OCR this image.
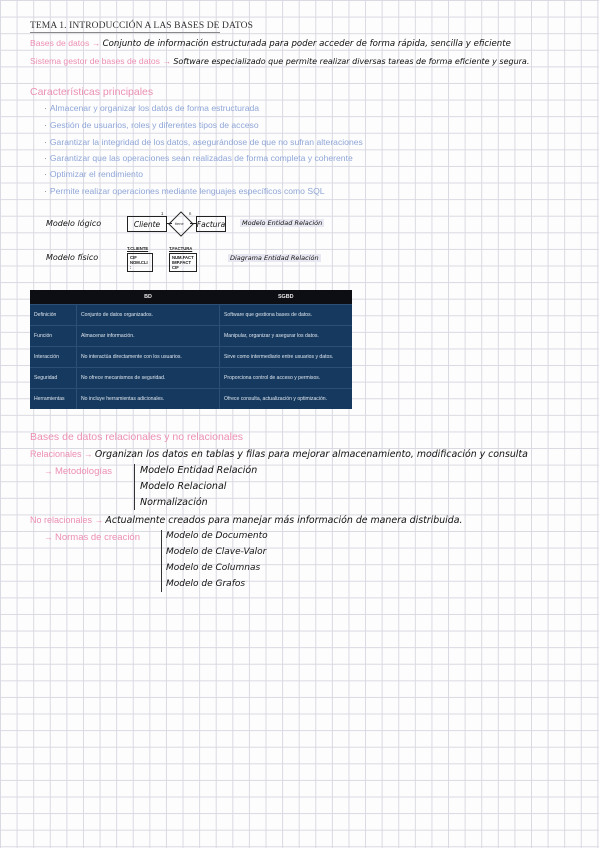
TEMA 1. INTRODUCCIÓN A LAS BASES DE DATOS
Bases de datos → Conjunto de información estructurada para poder acceder de forma rápida, sencilla y eficiente
Sistema gestor de bases de datos → Software especializado que permite realizar diversas tareas de forma eficiente y segura.
Características principales
· Almacenar y organizar los datos de forma estructurada
· Gestión de usuarios, roles y diferentes tipos de acceso
· Garantizar la integridad de los datos, asegurándose de que no sufran alteraciones
· Garantizar que las operaciones sean realizadas de forma completa y coherente
· Optimizar el rendimiento
· Permite realizar operaciones mediante lenguajes específicos como SQL
Modelo lógico	Cliente
1
tiene
n
Factura	Modelo Entidad Relación
Modelo físico
T.CLIENTE
CIF
NOM.CLI
:
T.FACTURA
NUM.FACT
IMP.FACT
CIF
Diagrama Entidad Relación
	BD	SGBD
Definición	Conjunto de datos organizados.	Software que gestiona bases de datos.
Función	Almacenar información.	Manipular, organizar y asegurar los datos.
Interacción	No interactúa directamente con los usuarios.	Sirve como intermediario entre usuarios y datos.
Seguridad	No ofrece mecanismos de seguridad.	Proporciona control de acceso y permisos.
Herramientas	No incluye herramientas adicionales.	Ofrece consulta, actualización y optimización.
Bases de datos relacionales y no relacionales
Relacionales → Organizan los datos en tablas y filas para mejorar almacenamiento, modificación y consulta
→ Metodologías	Modelo Entidad Relación
Modelo Relacional
Normalización
No relacionales → Actualmente creados para manejar más información de manera distribuida.
→ Normas de creación	Modelo de Documento
Modelo de Clave-Valor
Modelo de Columnas
Modelo de Grafos
